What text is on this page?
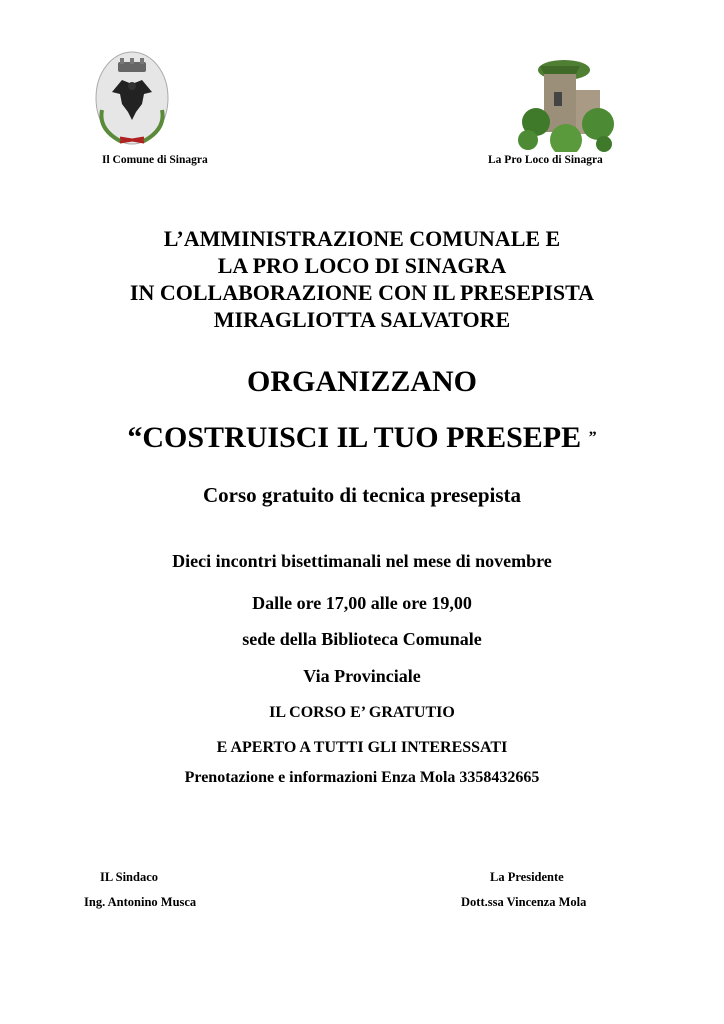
Il Comune di Sinagra	La Pro Loco di Sinagra
L’AMMINISTRAZIONE COMUNALE E
LA PRO LOCO DI SINAGRA
IN COLLABORAZIONE CON IL PRESEPISTA
MIRAGLIOTTA SALVATORE
ORGANIZZANO
“COSTRUISCI IL TUO PRESEPE ”
Corso gratuito di tecnica presepista
Dieci incontri bisettimanali nel mese di novembre
Dalle ore 17,00 alle ore 19,00
sede della Biblioteca Comunale
Via Provinciale
IL CORSO E’ GRATUTIO
E APERTO A TUTTI GLI INTERESSATI
Prenotazione e informazioni Enza Mola 3358432665
IL Sindaco
Ing. Antonino Musca
La Presidente
Dott.ssa Vincenza Mola
